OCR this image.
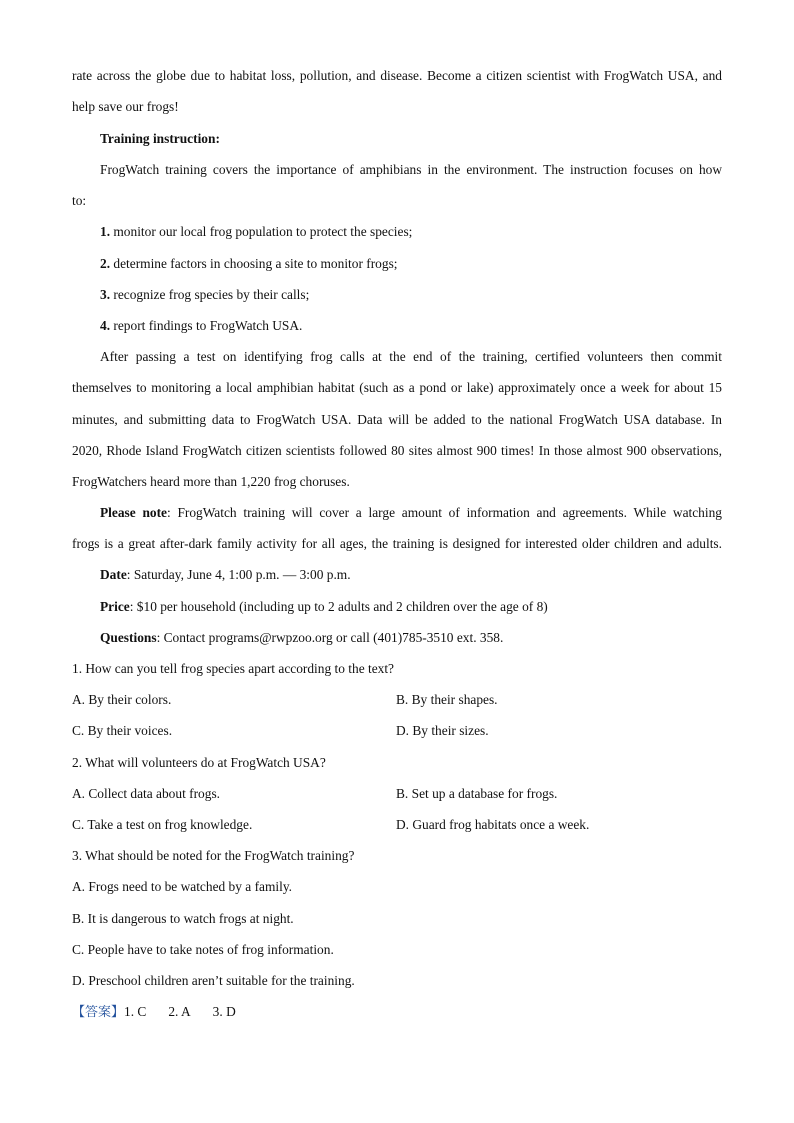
rate across the globe due to habitat loss, pollution, and disease. Become a citizen scientist with FrogWatch USA, and
help save our frogs!
Training instruction:
FrogWatch training covers the importance of amphibians in the environment. The instruction focuses on how
to:
1. monitor our local frog population to protect the species;
2. determine factors in choosing a site to monitor frogs;
3. recognize frog species by their calls;
4. report findings to FrogWatch USA.
After passing a test on identifying frog calls at the end of the training, certified volunteers then commit
themselves to monitoring a local amphibian habitat (such as a pond or lake) approximately once a week for about 15
minutes, and submitting data to FrogWatch USA. Data will be added to the national FrogWatch USA database. In
2020, Rhode Island FrogWatch citizen scientists followed 80 sites almost 900 times! In those almost 900 observations,
FrogWatchers heard more than 1,220 frog choruses.
Please note: FrogWatch training will cover a large amount of information and agreements. While watching
frogs is a great after-dark family activity for all ages, the training is designed for interested older children and adults.
Date: Saturday, June 4, 1:00 p.m. — 3:00 p.m.
Price: $10 per household (including up to 2 adults and 2 children over the age of 8)
Questions: Contact programs@rwpzoo.org or call (401)785-3510 ext. 358.
1. How can you tell frog species apart according to the text?
A. By their colors.	B. By their shapes.
C. By their voices.	D. By their sizes.
2. What will volunteers do at FrogWatch USA?
A. Collect data about frogs.	B. Set up a database for frogs.
C. Take a test on frog knowledge.	D. Guard frog habitats once a week.
3. What should be noted for the FrogWatch training?
A. Frogs need to be watched by a family.
B. It is dangerous to watch frogs at night.
C. People have to take notes of frog information.
D. Preschool children aren’t suitable for the training.
【答案】1. C 2. A 3. D
